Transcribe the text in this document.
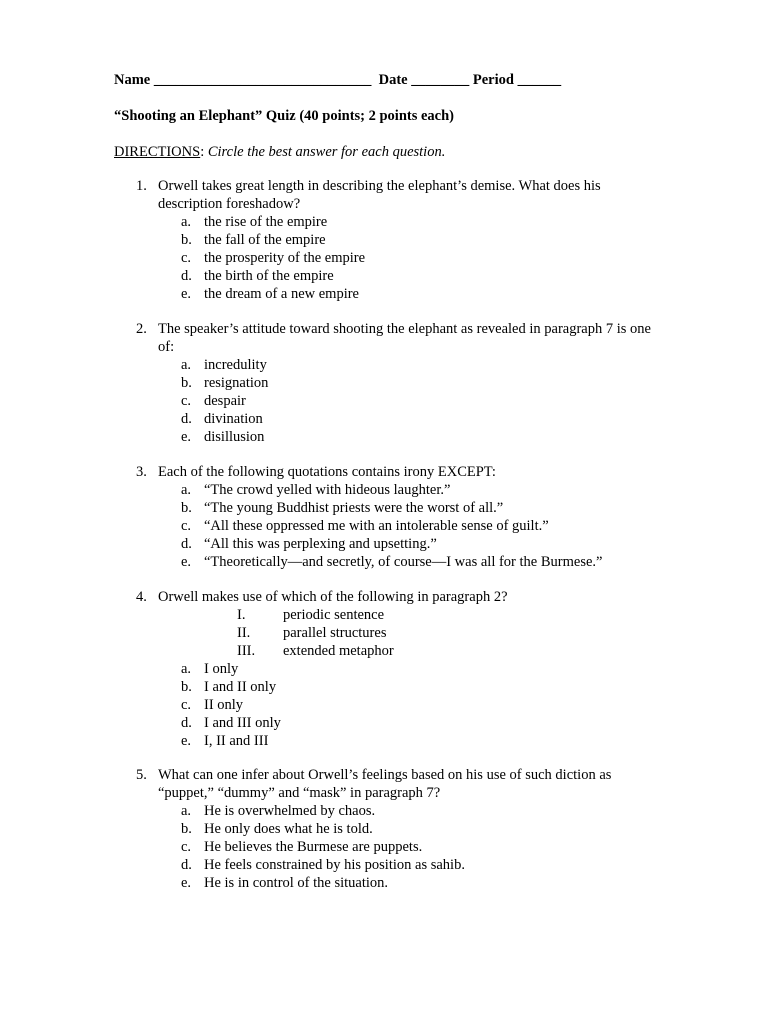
Name ______________________________ Date ________ Period ______
“Shooting an Elephant” Quiz (40 points; 2 points each)
DIRECTIONS: Circle the best answer for each question.
1. Orwell takes great length in describing the elephant’s demise. What does his description foreshadow?
a. the rise of the empire
b. the fall of the empire
c. the prosperity of the empire
d. the birth of the empire
e. the dream of a new empire
2. The speaker’s attitude toward shooting the elephant as revealed in paragraph 7 is one of:
a. incredulity
b. resignation
c. despair
d. divination
e. disillusion
3. Each of the following quotations contains irony EXCEPT:
a. “The crowd yelled with hideous laughter.”
b. “The young Buddhist priests were the worst of all.”
c. “All these oppressed me with an intolerable sense of guilt.”
d. “All this was perplexing and upsetting.”
e. “Theoretically—and secretly, of course—I was all for the Burmese.”
4. Orwell makes use of which of the following in paragraph 2?
I.	periodic sentence
II.	parallel structures
III.	extended metaphor
a. I only
b. I and II only
c. II only
d. I and III only
e. I, II and III
5. What can one infer about Orwell’s feelings based on his use of such diction as “puppet,” “dummy” and “mask” in paragraph 7?
a. He is overwhelmed by chaos.
b. He only does what he is told.
c. He believes the Burmese are puppets.
d. He feels constrained by his position as sahib.
e. He is in control of the situation.
